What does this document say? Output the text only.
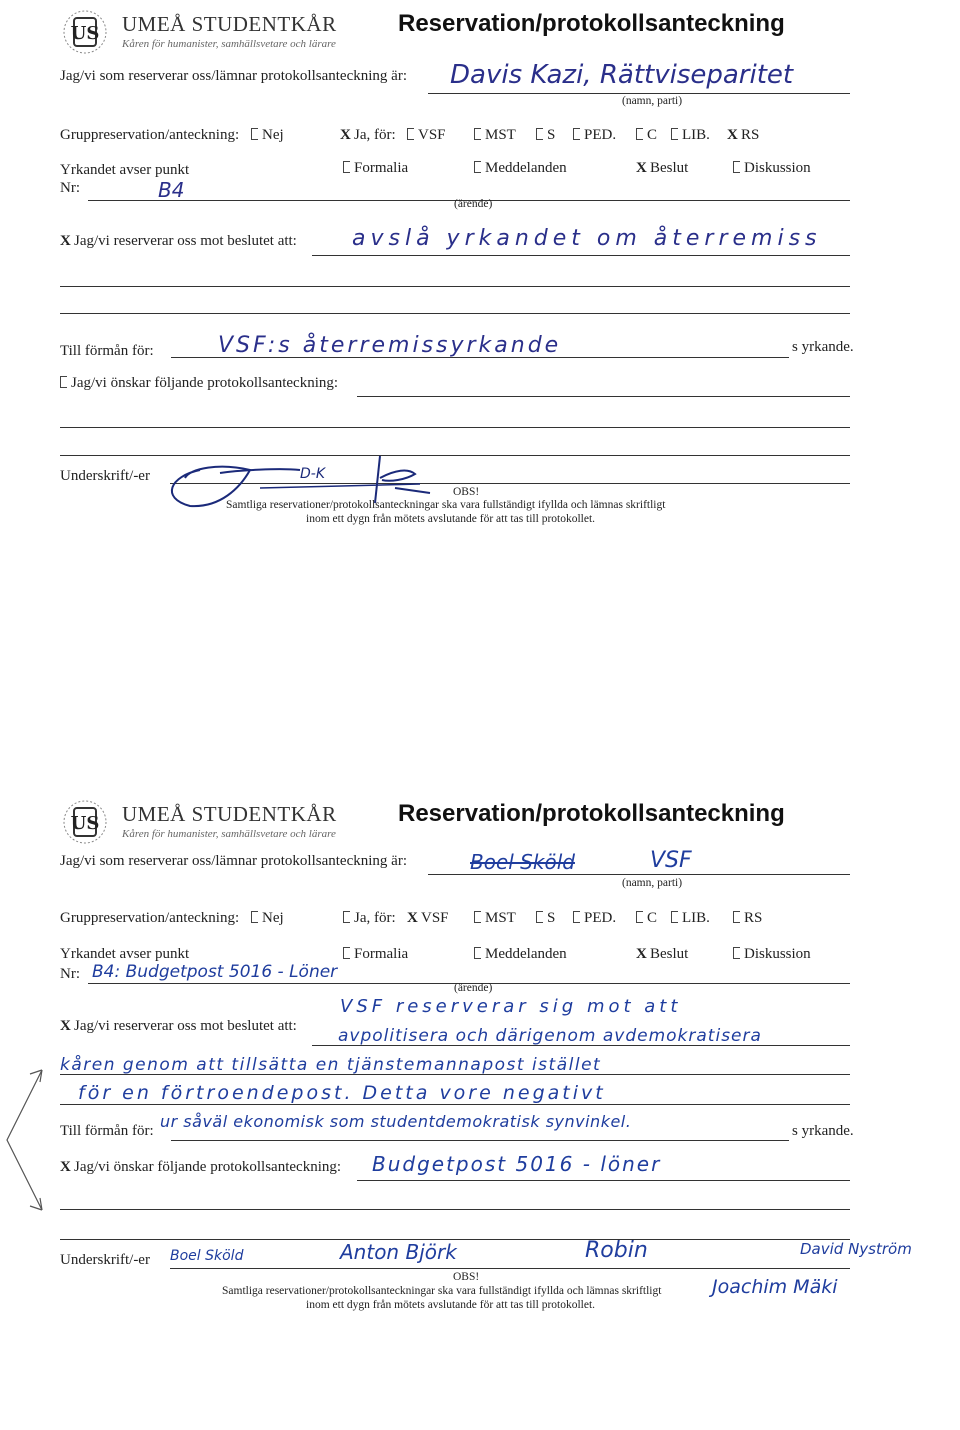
US UMEÅ STUDENTKÅR
Kåren för humanister, samhällsvetare och lärare
Reservation/protokollsanteckning
Jag/vi som reserverar oss/lämnar protokollsanteckning är: Davis Kazi, Rättviseparitet
(namn, parti)
Gruppreservation/anteckning:	Nej	X Ja, för:	VSF	MST	S	PED.	C	LIB. X RS
Yrkandet avser punkt	Formalia	Meddelanden	X Beslut	Diskussion
Nr:	B4
(ärende)
X Jag/vi reserverar oss mot beslutet att:	avslå yrkandet om återremiss
Till förmån för:	VSF:s återremissyrkande	s yrkande.
Jag/vi önskar följande protokollsanteckning:
Underskrift/-er	D-K
OBS!
Samtliga reservationer/protokollsanteckningar ska vara fullständigt ifyllda och lämnas skriftligt
inom ett dygn från mötets avslutande för att tas till protokollet.
US UMEÅ STUDENTKÅR
Kåren för humanister, samhällsvetare och lärare
Reservation/protokollsanteckning
Jag/vi som reserverar oss/lämnar protokollsanteckning är:	Boel Sköld	VSF
(namn, parti)
Gruppreservation/anteckning:	Nej	Ja, för: X VSF	MST	S	PED.	C	LIB.	RS
Yrkandet avser punkt	Formalia	Meddelanden	X Beslut	Diskussion
Nr: B4: Budgetpost 5016 - Löner
(ärende)
X Jag/vi reserverar oss mot beslutet att:
VSF reserverar sig mot att
avpolitisera och därigenom avdemokratisera
kåren genom att tillsätta en tjänstemannapost istället
för en förtroendepost. Detta vore negativt
ur såväl ekonomisk som studentdemokratisk synvinkel.
Till förmån för:	s yrkande.
X Jag/vi önskar följande protokollsanteckning: Budgetpost 5016 - löner
Underskrift/-er Boel Sköld	Anton Björk	Robin	David Nyström
Joachim Mäki
OBS!
Samtliga reservationer/protokollsanteckningar ska vara fullständigt ifyllda och lämnas skriftligt
inom ett dygn från mötets avslutande för att tas till protokollet.
